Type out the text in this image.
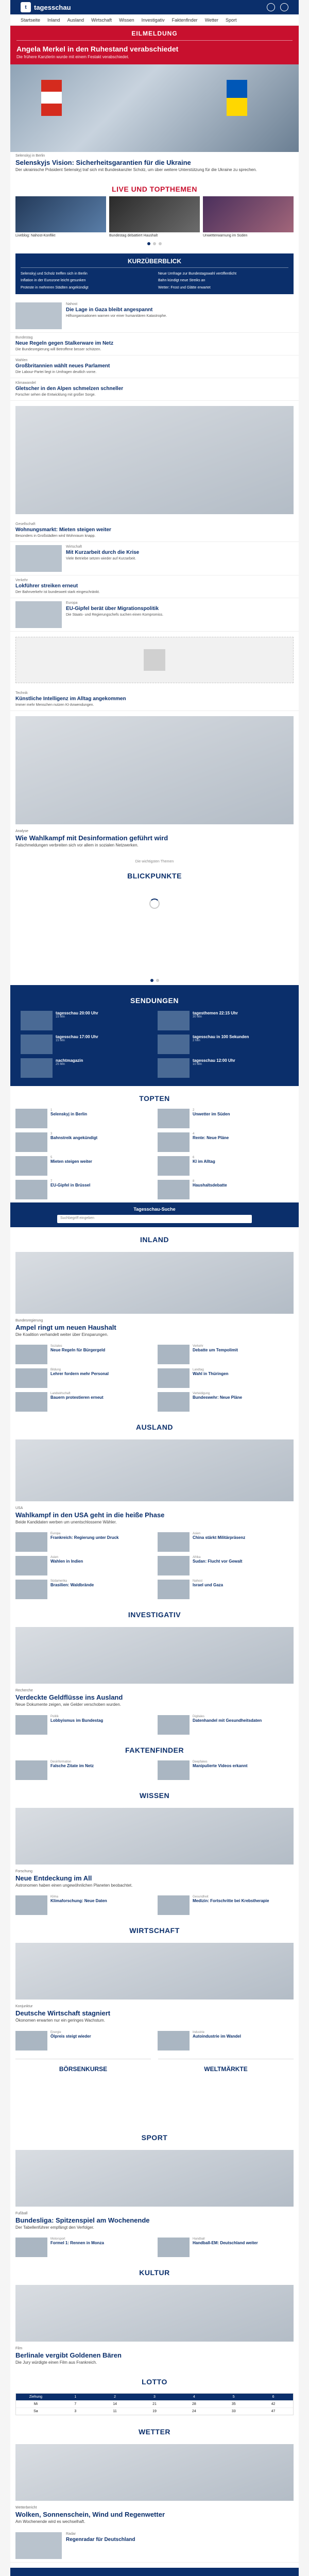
t	tagesschau
Startseite Inland Ausland Wirtschaft Wissen Investigativ Faktenfinder Wetter Sport
EILMELDUNG
Angela Merkel in den Ruhestand verabschiedet
Die frühere Kanzlerin wurde mit einem Festakt verabschiedet.
Selenskyj in Berlin
Selenskyjs Vision: Sicherheitsgarantien für die Ukraine
Der ukrainische Präsident Selenskyj traf sich mit Bundeskanzler Scholz, um über weitere Unterstützung für die Ukraine zu sprechen.
LIVE UND TOPTHEMEN
Liveblog: Nahost-Konflikt	Bundestag debattiert Haushalt	Unwetterwarnung im Süden
KURZÜBERBLICK
Selenskyj und Scholz treffen sich in Berlin	Neue Umfrage zur Bundestagswahl veröffentlicht
Inflation in der Eurozone leicht gesunken	Bahn kündigt neue Streiks an
Proteste in mehreren Städten angekündigt	Wetter: Frost und Glätte erwartet
Nahost
Die Lage in Gaza bleibt angespannt
Hilfsorganisationen warnen vor einer humanitären Katastrophe.
Bundestag
Neue Regeln gegen Stalkerware im Netz
Die Bundesregierung will Betroffene besser schützen.
Wahlen
Großbritannien wählt neues Parlament
Die Labour-Partei liegt in Umfragen deutlich vorne.
Klimawandel
Gletscher in den Alpen schmelzen schneller
Forscher sehen die Entwicklung mit großer Sorge.
Gesellschaft
Wohnungsmarkt: Mieten steigen weiter
Besonders in Großstädten wird Wohnraum knapp.
Wirtschaft
Mit Kurzarbeit durch die Krise
Viele Betriebe setzen wieder auf Kurzarbeit.
Verkehr
Lokführer streiken erneut
Der Bahnverkehr ist bundesweit stark eingeschränkt.
Europa
EU-Gipfel berät über Migrationspolitik
Die Staats- und Regierungschefs suchen einen Kompromiss.
Technik
Künstliche Intelligenz im Alltag angekommen
Immer mehr Menschen nutzen KI-Anwendungen.
Analyse
Wie Wahlkampf mit Desinformation geführt wird
Falschmeldungen verbreiten sich vor allem in sozialen Netzwerken.
Die wichtigsten Themen
BLICKPUNKTE
SENDUNGEN
tagesschau 20:00 Uhr
15 Min
tagesthemen 22:15 Uhr
30 Min
tagesschau 17:00 Uhr
15 Min
tagesschau in 100 Sekunden
2 Min
nachtmagazin
25 Min
tagesschau 12:00 Uhr
10 Min
TOPTEN
1
Selenskyj in Berlin
2
Unwetter im Süden
3
Bahnstreik angekündigt
4
Rente: Neue Pläne
5
Mieten steigen weiter
6
KI im Alltag
7
EU-Gipfel in Brüssel
8
Haushaltsdebatte
Tagesschau-Suche
Suchbegriff eingeben
INLAND
Bundesregierung
Ampel ringt um neuen Haushalt
Die Koalition verhandelt weiter über Einsparungen.
Soziales
Neue Regeln für Bürgergeld
Verkehr
Debatte um Tempolimit
Bildung
Lehrer fordern mehr Personal
Landtag
Wahl in Thüringen
Landwirtschaft
Bauern protestieren erneut
Verteidigung
Bundeswehr: Neue Pläne
AUSLAND
USA
Wahlkampf in den USA geht in die heiße Phase
Beide Kandidaten werben um unentschlossene Wähler.
Europa
Frankreich: Regierung unter Druck
Asien
China stärkt Militärpräsenz
Asien
Wahlen in Indien
Afrika
Sudan: Flucht vor Gewalt
Südamerika
Brasilien: Waldbrände
Nahost
Israel und Gaza
INVESTIGATIV
Recherche
Verdeckte Geldflüsse ins Ausland
Neue Dokumente zeigen, wie Gelder verschoben wurden.
Politik
Lobbyismus im Bundestag
Digitales
Datenhandel mit Gesundheitsdaten
FAKTENFINDER
Desinformation
Falsche Zitate im Netz
Deepfakes
Manipulierte Videos erkannt
WISSEN
Forschung
Neue Entdeckung im All
Astronomen haben einen ungewöhnlichen Planeten beobachtet.
Klima
Klimaforschung: Neue Daten
Gesundheit
Medizin: Fortschritte bei Krebstherapie
WIRTSCHAFT
Konjunktur
Deutsche Wirtschaft stagniert
Ökonomen erwarten nur ein geringes Wachstum.
Energie
Ölpreis steigt wieder
Industrie
Autoindustrie im Wandel
BÖRSENKURSE	WELTMÄRKTE
SPORT
Fußball
Bundesliga: Spitzenspiel am Wochenende
Der Tabellenführer empfängt den Verfolger.
Motorsport
Formel 1: Rennen in Monza
Handball
Handball-EM: Deutschland weiter
KULTUR
Film
Berlinale vergibt Goldenen Bären
Die Jury würdigte einen Film aus Frankreich.
LOTTO
Ziehung	1	2	3	4	5	6
Mi	7	14	21	28	35	42
Sa	3	11	19	24	33	47
WETTER
Wetterbericht
Wolken, Sonnenschein, Wind und Regenwetter
Am Wochenende wird es wechselhaft.
Radar
Regenradar für Deutschland
